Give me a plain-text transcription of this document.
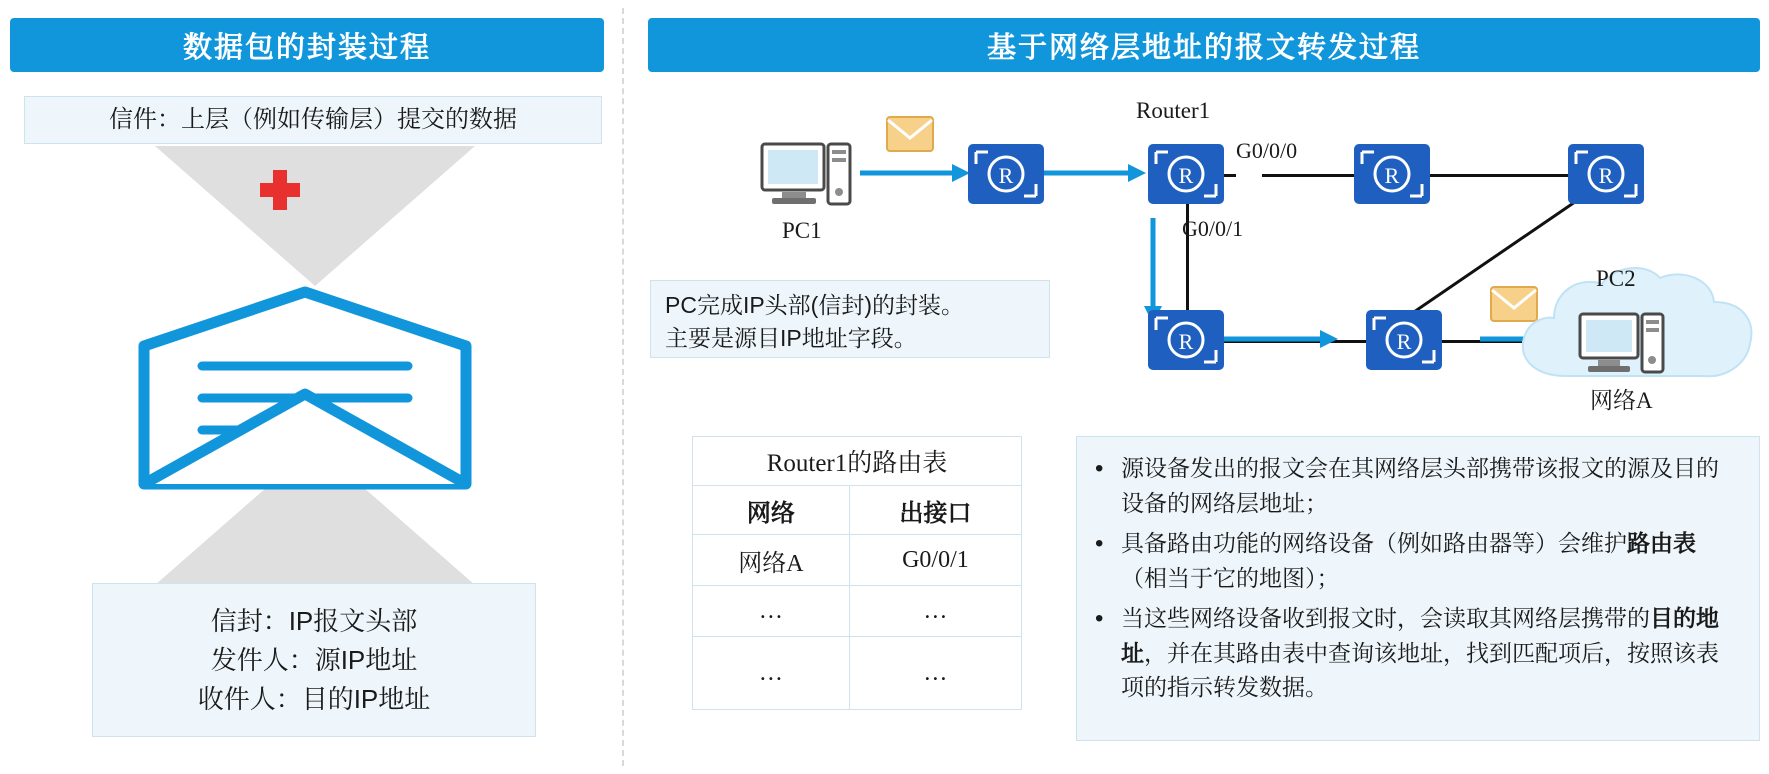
数据包的封装过程
信件：上层（例如传输层）提交的数据
信封：IP报文头部
发件人：源IP地址
收件人：目的IP地址
基于网络层地址的报文转发过程
PC1
R	R	R	R
R	R
Router1
G0/0/0
G0/0/1
PC2
网络A
PC完成IP头部(信封)的封装。
主要是源目IP地址字段。
Router1的路由表	
网络	出接口
网络A	G0/0/1
…	…
…	…
• 源设备发出的报文会在其网络层头部携带该报文的源及目的设备的网络层地址；
• 具备路由功能的网络设备（例如路由器等）会维护路由表（相当于它的地图）；
• 当这些网络设备收到报文时，会读取其网络层携带的目的地址，并在其路由表中查询该地址，找到匹配项后，按照该表项的指示转发数据。
